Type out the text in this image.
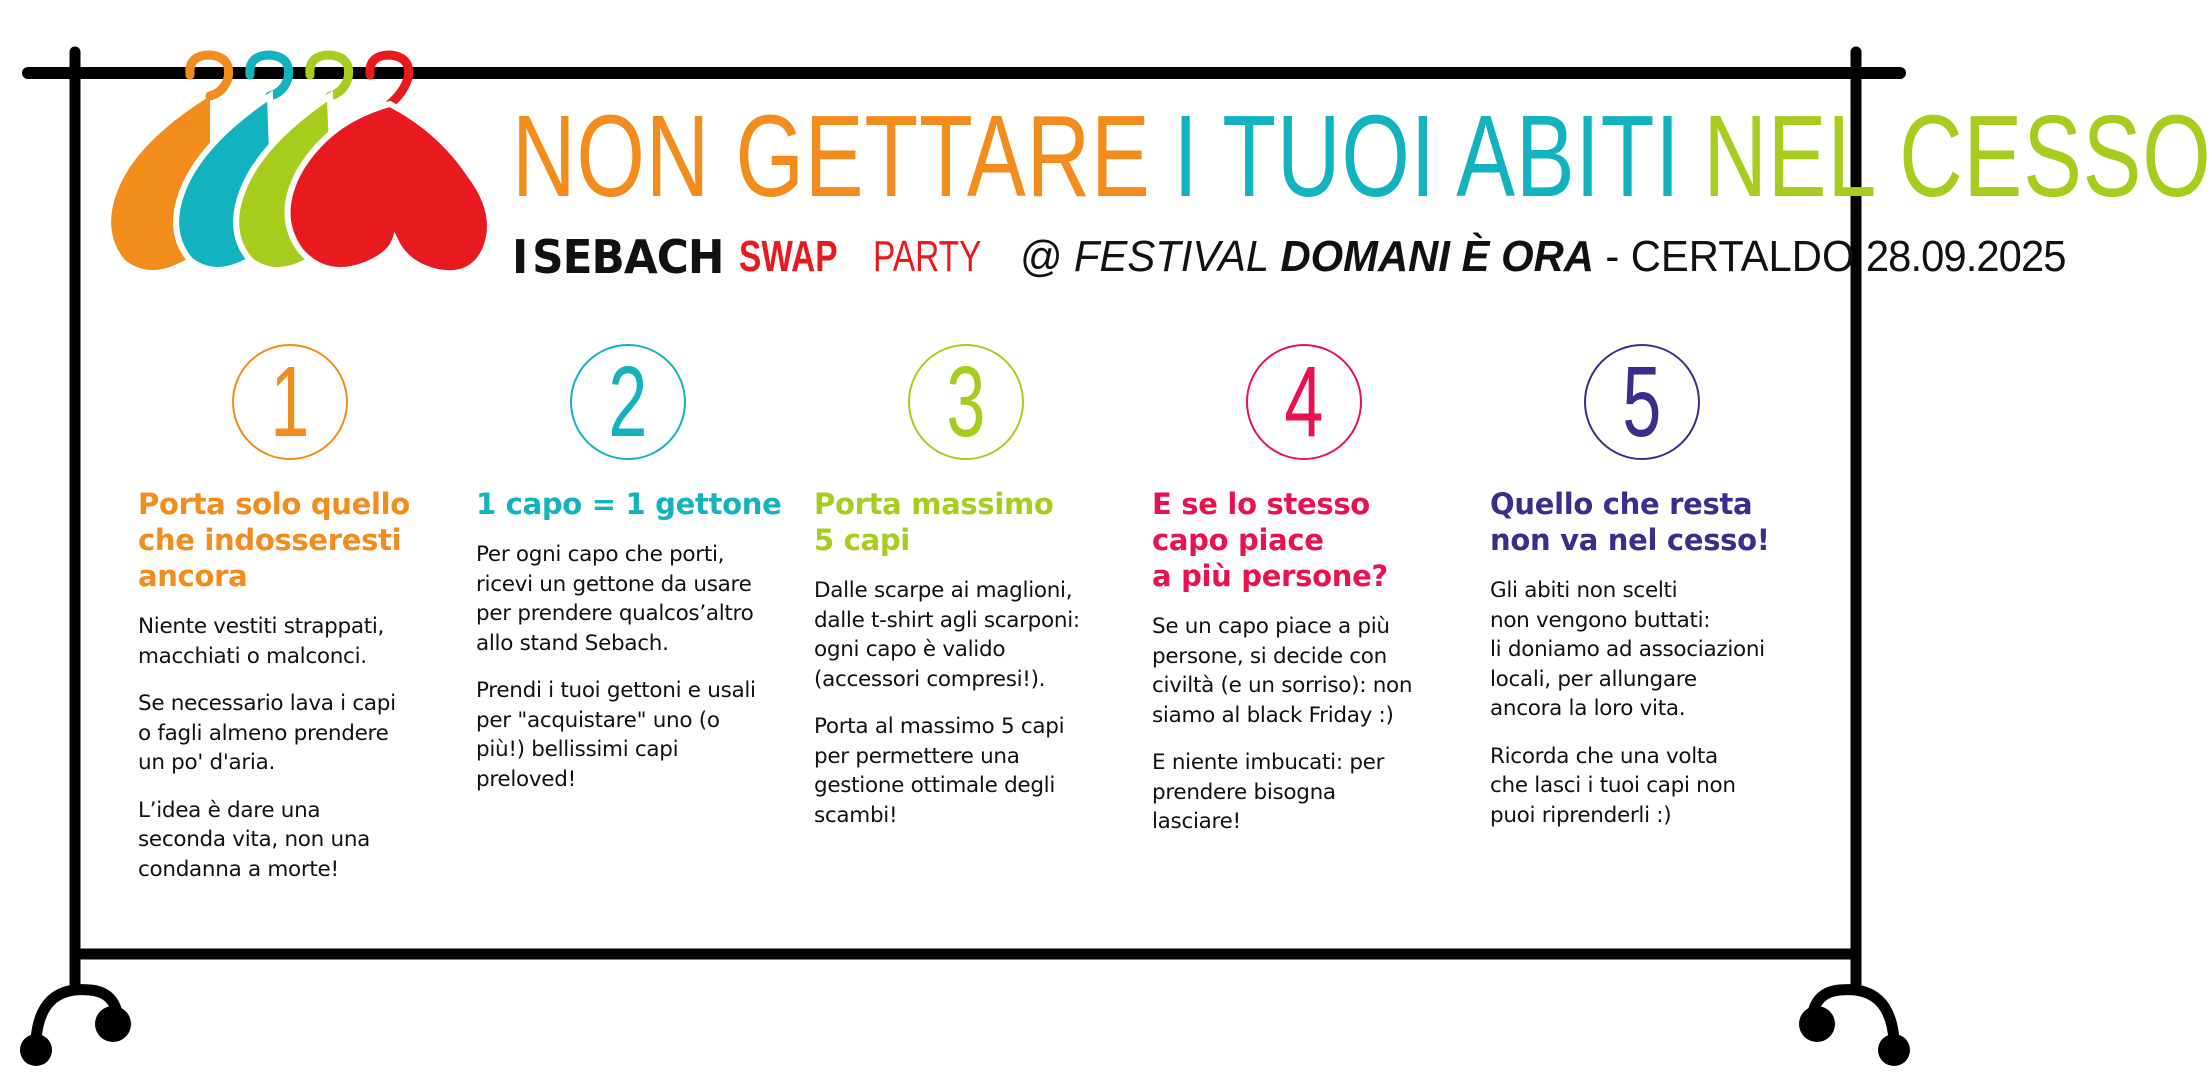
NON GETTARE I TUOI ABITI NEL CESSO
I SEBACH SWAP PARTY @ FESTIVAL DOMANI È ORA - CERTALDO 28.09.2025
1
Porta solo quello
che indosseresti
ancora

Niente vestiti strappati,
macchiati o malconci.

Se necessario lava i capi
o fagli almeno prendere
un po' d'aria.

L’idea è dare una
seconda vita, non una
condanna a morte!

2
1 capo = 1 gettone

Per ogni capo che porti,
ricevi un gettone da usare
per prendere qualcos’altro
allo stand Sebach.

Prendi i tuoi gettoni e usali
per "acquistare" uno (o
più!) bellissimi capi
preloved!

3
Porta massimo
5 capi

Dalle scarpe ai maglioni,
dalle t-shirt agli scarponi:
ogni capo è valido
(accessori compresi!).

Porta al massimo 5 capi
per permettere una
gestione ottimale degli
scambi!

4
E se lo stesso
capo piace
a più persone?

Se un capo piace a più
persone, si decide con
civiltà (e un sorriso): non
siamo al black Friday :)

E niente imbucati: per
prendere bisogna
lasciare!

5
Quello che resta
non va nel cesso!

Gli abiti non scelti
non vengono buttati:
li doniamo ad associazioni
locali, per allungare
ancora la loro vita.

Ricorda che una volta
che lasci i tuoi capi non
puoi riprenderli :)
